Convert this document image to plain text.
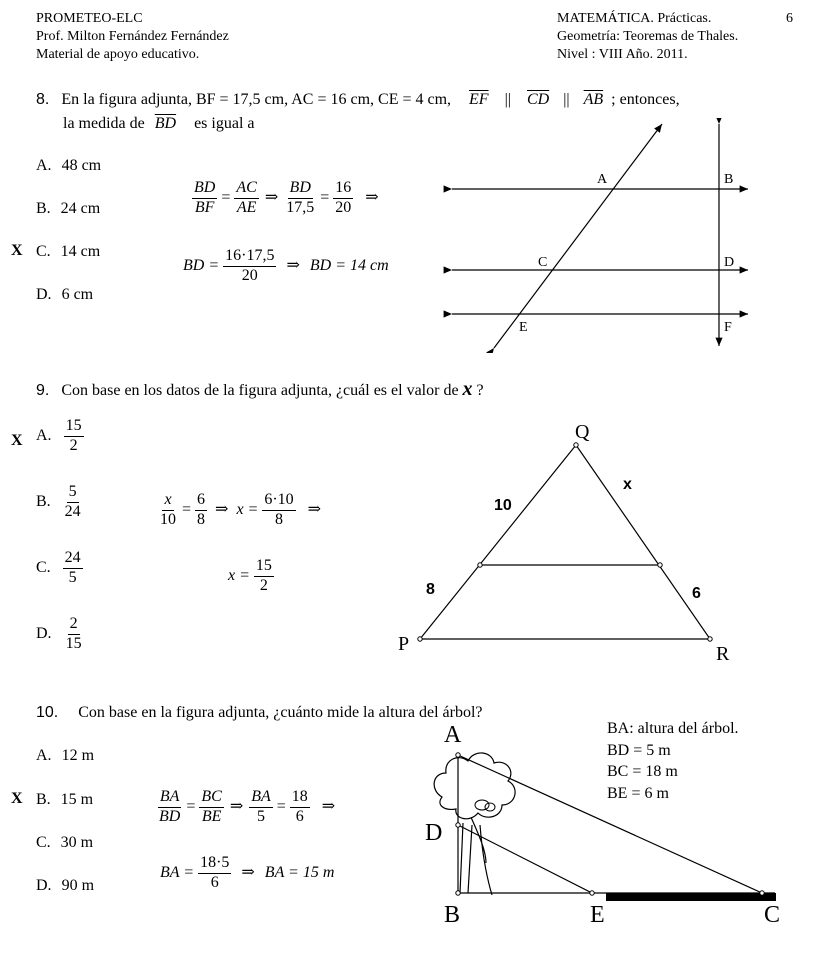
PROMETEO-ELC
Prof. Milton Fernández Fernández
Material de apoyo educativo.
MATEMÁTICA. Prácticas.
Geometría: Teoremas de Thales.
Nivel : VIII Año. 2011.
6
8. En la figura adjunta, BF = 17,5 cm, AC = 16 cm, CE = 4 cm, $\overline{EF}$ || $\overline{CD}$ || $\overline{AB}$ ; entonces,
la medida de $\overline{BD}$ es igual a
A. 48 cm
B. 24 cm
X C. 14 cm
D. 6 cm
$\frac{BD}{BF} = \frac{AC}{AE}$ ⇒ $\frac{BD}{17,5} = \frac{16}{20}$ ⇒
BD = $\frac{16\cdot 17,5}{20}$ ⇒ BD = 14 cm
A	B
C	D
E	F
9. Con base en los datos de la figura adjunta, ¿cuál es el valor de x ?
X A. $\frac{15}{2}$
B. $\frac{5}{24}$
C. $\frac{24}{5}$
D. $\frac{2}{15}$
$\frac{x}{10} = \frac{6}{8}$ ⇒ $x = \frac{6\cdot 10}{8}$ ⇒
$x = \frac{15}{2}$
Q
P	R
x
10
8	6
10. Con base en la figura adjunta, ¿cuánto mide la altura del árbol?
A. 12 m
X B. 15 m
C. 30 m
D. 90 m
$\frac{BA}{BD} = \frac{BC}{BE}$ ⇒ $\frac{BA}{5} = \frac{18}{6}$ ⇒
BA = $\frac{18\cdot 5}{6}$ ⇒ BA = 15 m
BA: altura del árbol.
BD = 5 m
BC = 18 m
BE = 6 m
A
D
B	E	C
